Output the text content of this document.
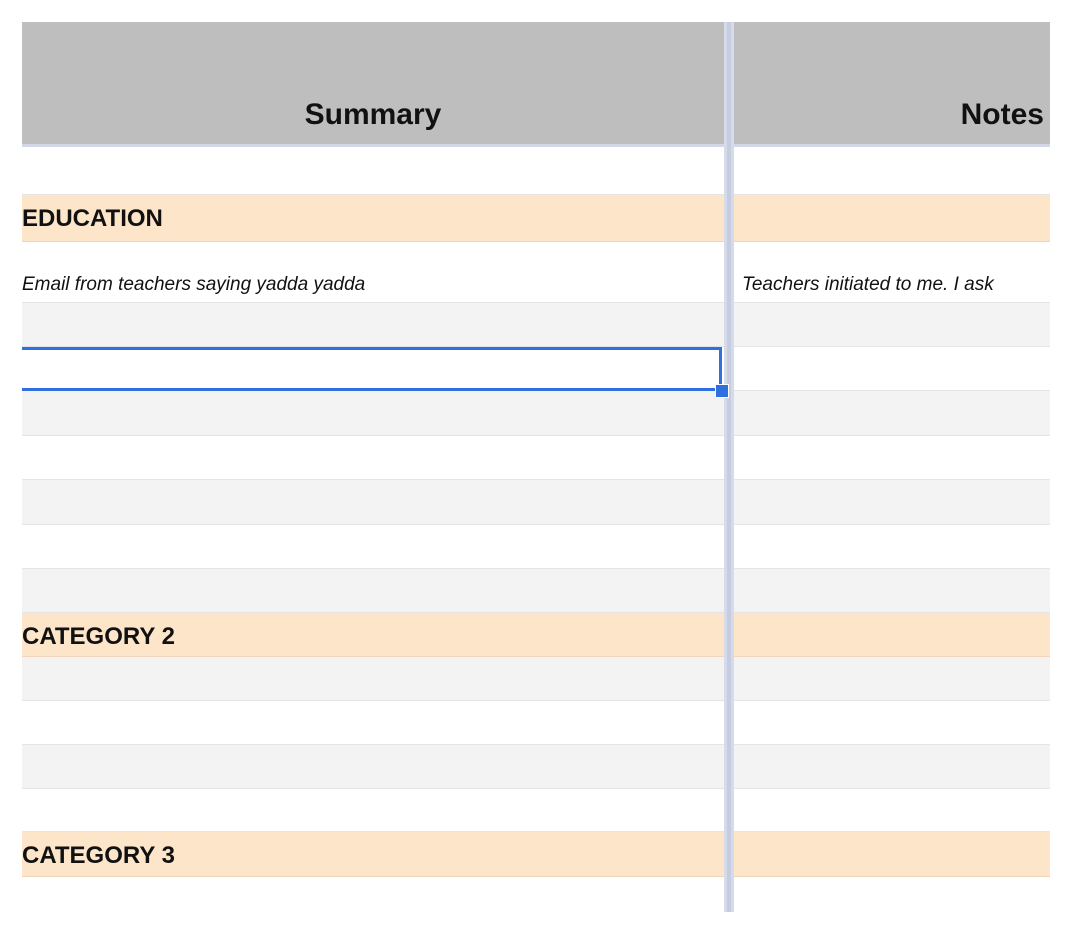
Summary
EDUCATION
Email from teachers saying yadda yadda
CATEGORY 2
CATEGORY 3
Notes
Teachers initiated to me. I ask
